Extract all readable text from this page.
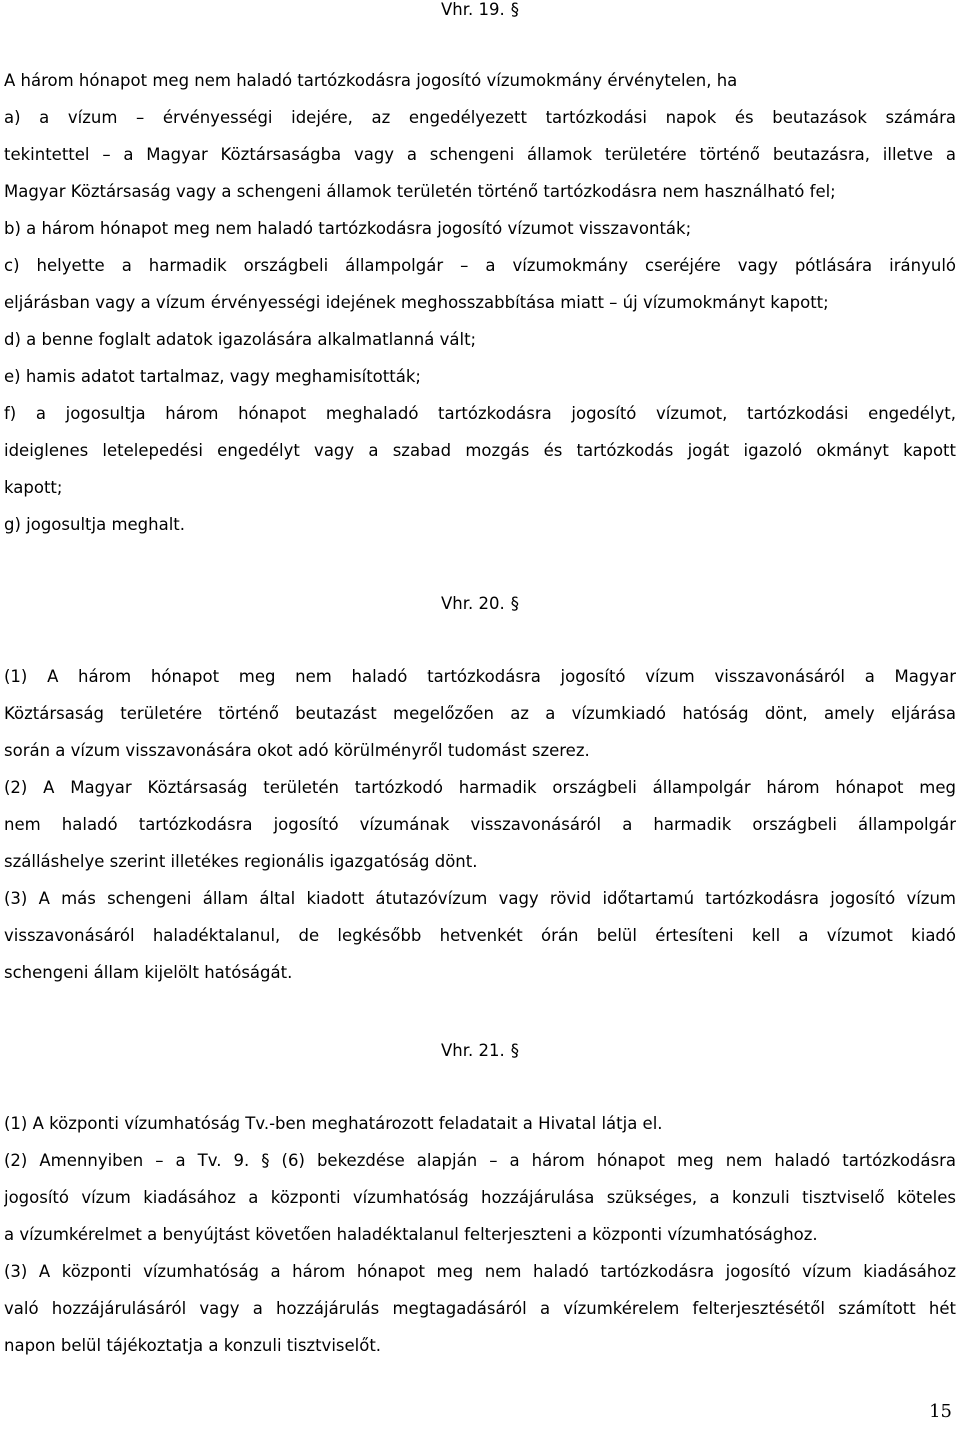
Vhr. 19. §
A három hónapot meg nem haladó tartózkodásra jogosító vízumokmány érvénytelen, ha
a) a vízum – érvényességi idejére, az engedélyezett tartózkodási napok és beutazások számára
tekintettel – a Magyar Köztársaságba vagy a schengeni államok területére történő beutazásra, illetve a
Magyar Köztársaság vagy a schengeni államok területén történő tartózkodásra nem használható fel;
b) a három hónapot meg nem haladó tartózkodásra jogosító vízumot visszavonták;
c) helyette a harmadik országbeli állampolgár – a vízumokmány cseréjére vagy pótlására irányuló
eljárásban vagy a vízum érvényességi idejének meghosszabbítása miatt – új vízumokmányt kapott;
d) a benne foglalt adatok igazolására alkalmatlanná vált;
e) hamis adatot tartalmaz, vagy meghamisították;
f) a jogosultja három hónapot meghaladó tartózkodásra jogosító vízumot, tartózkodási engedélyt,
ideiglenes letelepedési engedélyt vagy a szabad mozgás és tartózkodás jogát igazoló okmányt kapott
kapott;
g) jogosultja meghalt.
Vhr. 20. §
(1) A három hónapot meg nem haladó tartózkodásra jogosító vízum visszavonásáról a Magyar
Köztársaság területére történő beutazást megelőzően az a vízumkiadó hatóság dönt, amely eljárása
során a vízum visszavonására okot adó körülményről tudomást szerez.
(2) A Magyar Köztársaság területén tartózkodó harmadik országbeli állampolgár három hónapot meg
nem haladó tartózkodásra jogosító vízumának visszavonásáról a harmadik országbeli állampolgár
szálláshelye szerint illetékes regionális igazgatóság dönt.
(3) A más schengeni állam által kiadott átutazóvízum vagy rövid időtartamú tartózkodásra jogosító vízum
visszavonásáról haladéktalanul, de legkésőbb hetvenkét órán belül értesíteni kell a vízumot kiadó
schengeni állam kijelölt hatóságát.
Vhr. 21. §
(1) A központi vízumhatóság Tv.-ben meghatározott feladatait a Hivatal látja el.
(2) Amennyiben – a Tv. 9. § (6) bekezdése alapján – a három hónapot meg nem haladó tartózkodásra
jogosító vízum kiadásához a központi vízumhatóság hozzájárulása szükséges, a konzuli tisztviselő köteles
a vízumkérelmet a benyújtást követően haladéktalanul felterjeszteni a központi vízumhatósághoz.
(3) A központi vízumhatóság a három hónapot meg nem haladó tartózkodásra jogosító vízum kiadásához
való hozzájárulásáról vagy a hozzájárulás megtagadásáról a vízumkérelem felterjesztésétől számított hét
napon belül tájékoztatja a konzuli tisztviselőt.
15
